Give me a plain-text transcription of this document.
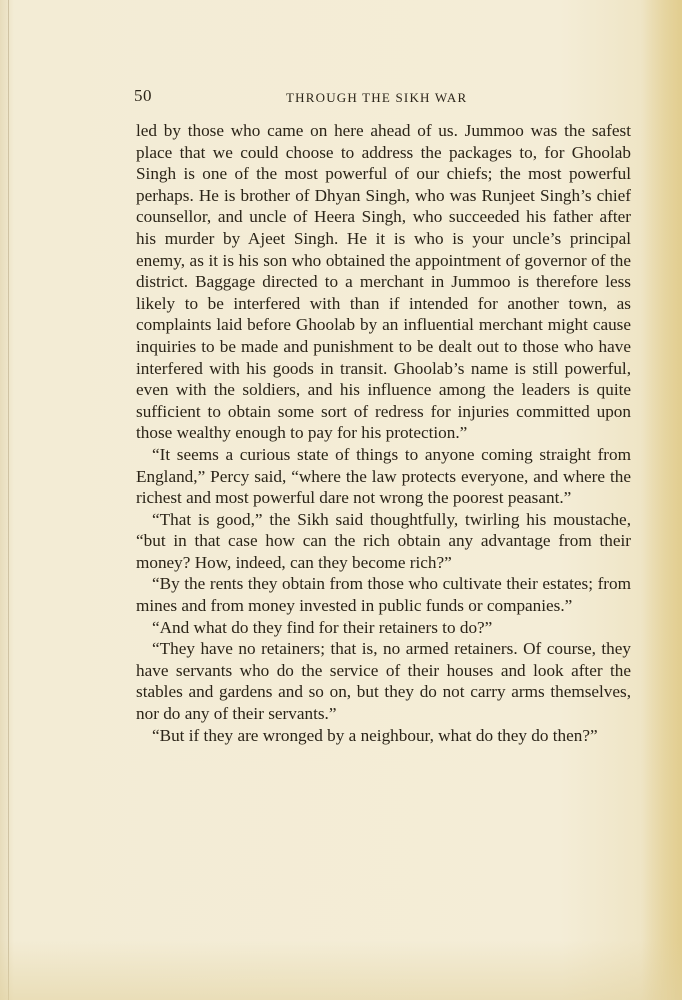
50	THROUGH THE SIKH WAR

led by those who came on here ahead of us. Jummoo was the safest place that we could choose to address the packages to, for Ghoolab Singh is one of the most powerful of our chiefs; the most powerful perhaps. He is brother of Dhyan Singh, who was Runjeet Singh’s chief counsellor, and uncle of Heera Singh, who succeeded his father after his murder by Ajeet Singh. He it is who is your uncle’s principal enemy, as it is his son who obtained the appointment of governor of the district. Baggage directed to a merchant in Jummoo is therefore less likely to be interfered with than if intended for another town, as complaints laid before Ghoolab by an influential merchant might cause inquiries to be made and punishment to be dealt out to those who have interfered with his goods in transit. Ghoolab’s name is still powerful, even with the soldiers, and his influence among the leaders is quite sufficient to obtain some sort of redress for injuries committed upon those wealthy enough to pay for his protection.”

“It seems a curious state of things to anyone coming straight from England,” Percy said, “where the law protects everyone, and where the richest and most powerful dare not wrong the poorest peasant.”

“That is good,” the Sikh said thoughtfully, twirling his moustache, “but in that case how can the rich obtain any advantage from their money? How, indeed, can they become rich?”

“By the rents they obtain from those who cultivate their estates; from mines and from money invested in public funds or companies.”

“And what do they find for their retainers to do?”

“They have no retainers; that is, no armed retainers. Of course, they have servants who do the service of their houses and look after the stables and gardens and so on, but they do not carry arms themselves, nor do any of their servants.”

“But if they are wronged by a neighbour, what do they do then?”
